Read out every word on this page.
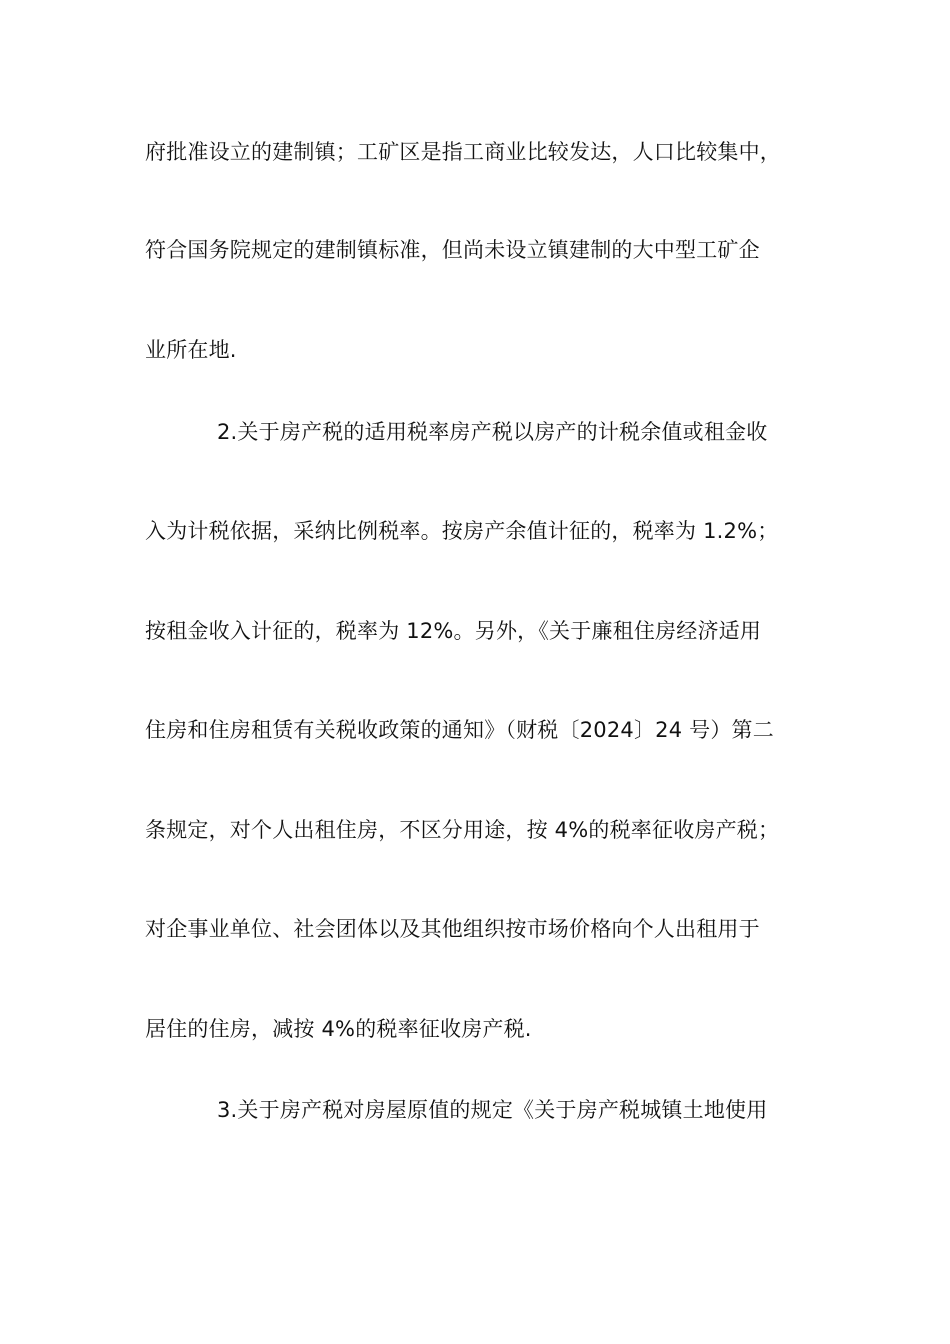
府批准设立的建制镇；工矿区是指工商业比较发达，人口比较集中，
符合国务院规定的建制镇标准，但尚未设立镇建制的大中型工矿企
业所在地.
2.关于房产税的适用税率房产税以房产的计税余值或租金收
入为计税依据，采纳比例税率。按房产余值计征的，税率为 1.2%；
按租金收入计征的，税率为 12%。另外，《关于廉租住房经济适用
住房和住房租赁有关税收政策的通知》（财税〔2024〕24 号）第二
条规定，对个人出租住房，不区分用途，按 4%的税率征收房产税；
对企事业单位、社会团体以及其他组织按市场价格向个人出租用于
居住的住房，减按 4%的税率征收房产税.
3.关于房产税对房屋原值的规定《关于房产税城镇土地使用
